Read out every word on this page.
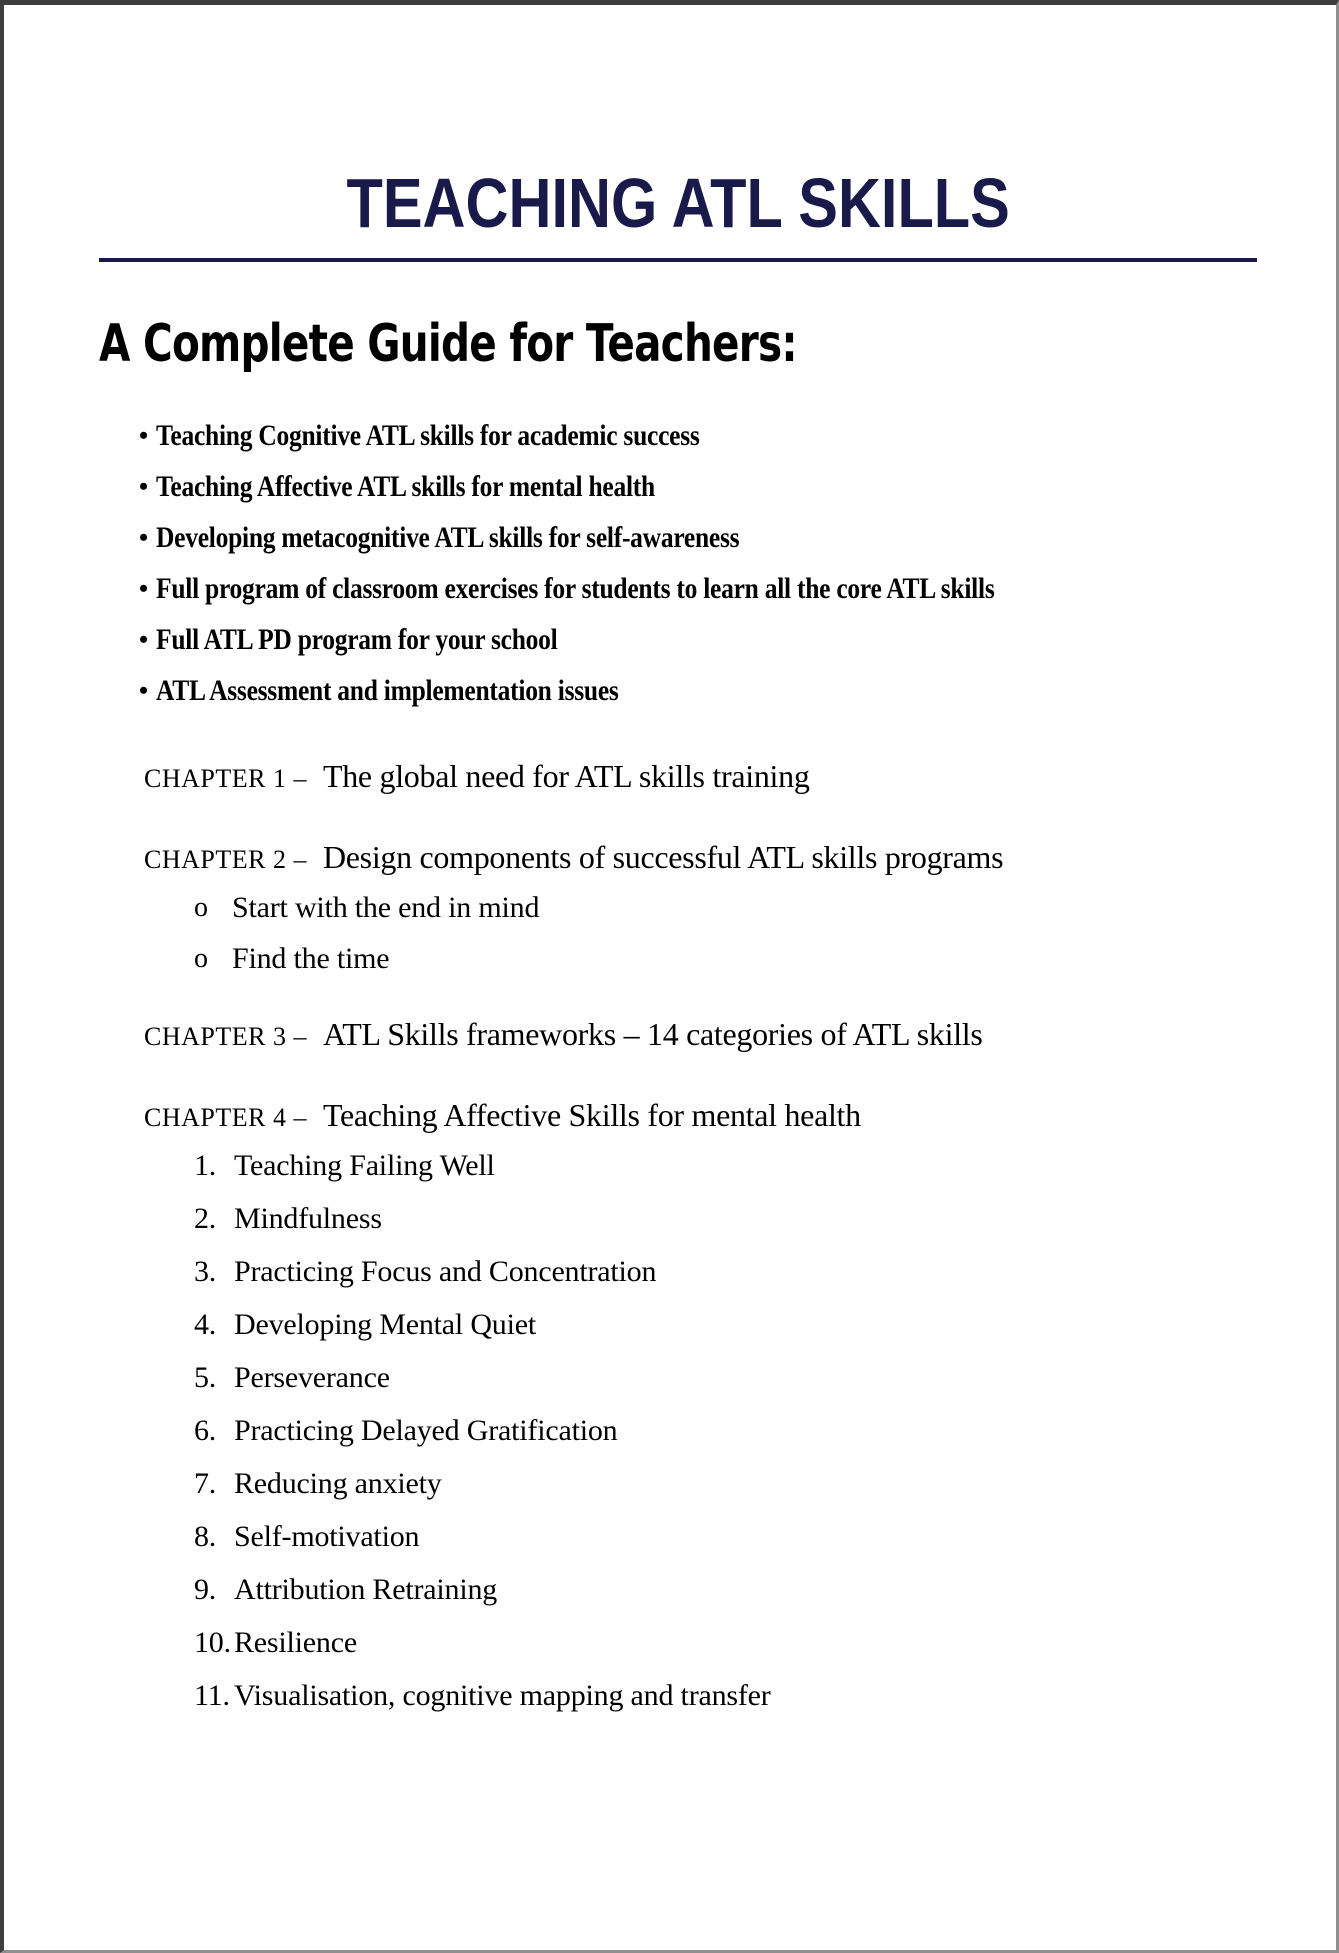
TEACHING ATL SKILLS
A Complete Guide for Teachers:
• Teaching Cognitive ATL skills for academic success
• Teaching Affective ATL skills for mental health
• Developing metacognitive ATL skills for self-awareness
• Full program of classroom exercises for students to learn all the core ATL skills
• Full ATL PD program for your school
• ATL Assessment and implementation issues
CHAPTER 1 – The global need for ATL skills training
CHAPTER 2 – Design components of successful ATL skills programs
o Start with the end in mind
o Find the time
CHAPTER 3 – ATL Skills frameworks – 14 categories of ATL skills
CHAPTER 4 – Teaching Affective Skills for mental health
1. Teaching Failing Well
2. Mindfulness
3. Practicing Focus and Concentration
4. Developing Mental Quiet
5. Perseverance
6. Practicing Delayed Gratification
7. Reducing anxiety
8. Self-motivation
9. Attribution Retraining
10. Resilience
11. Visualisation, cognitive mapping and transfer
